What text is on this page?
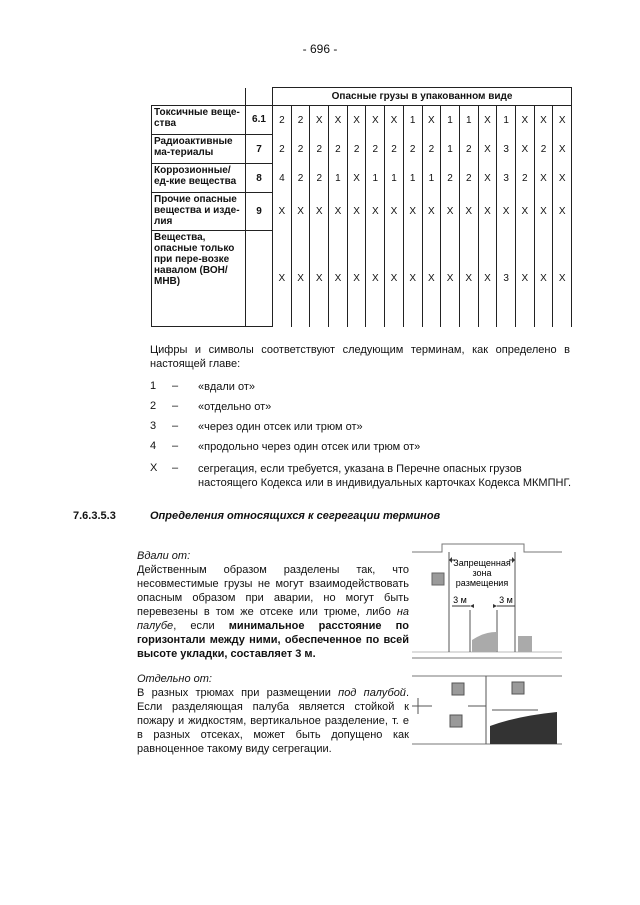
- 696 -
		Опасные грузы в упакованном виде															
Токсичные веще-ства	6.1	2	2	X	X	X	X	X	1	X	1	1	X	1	X	X	X
Радиоактивные ма-териалы	7	2	2	2	2	2	2	2	2	2	1	2	X	3	X	2	X
Коррозионные/ед-кие вещества	8	4	2	2	1	X	1	1	1	1	2	2	X	3	2	X	X
Прочие опасные вещества и изде-лия	9	X	X	X	X	X	X	X	X	X	X	X	X	X	X	X	X
Вещества, опасные только при пере-возке навалом (ВОН/ МНВ)		X	X	X	X	X	X	X	X	X	X	X	X	3	X	X	X
Цифры и символы соответствуют следующим терминам, как определено в настоящей главе:
1	–	«вдали от»
2	–	«отдельно от»
3	–	«через один отсек или трюм от»
4	–	«продольно через один отсек или трюм от»
X	–	сегрегация, если требуется, указана в Перечне опасных грузов настоящего Кодекса или в индивидуальных карточках Кодекса МКМПНГ.
7.6.3.5.3	Определения относящихся к сегрегации терминов
Вдали от:
Действенным образом разделены так, что несовместимые грузы не могут взаимодействовать опасным образом при аварии, но могут быть перевезены в том же отсеке или трюме, либо на палубе, если минимальное расстояние по горизонтали между ними, обеспеченное по всей высоте укладки, составляет 3 м.
Запрещенная
зона
размещения
3 м	3 м
Отдельно от:
В разных трюмах при размещении под палубой. Если разделяющая палуба является стойкой к пожару и жидкостям, вертикальное разделение, т. е в разных отсеках, может быть допущено как равноценное такому виду сегрегации.
